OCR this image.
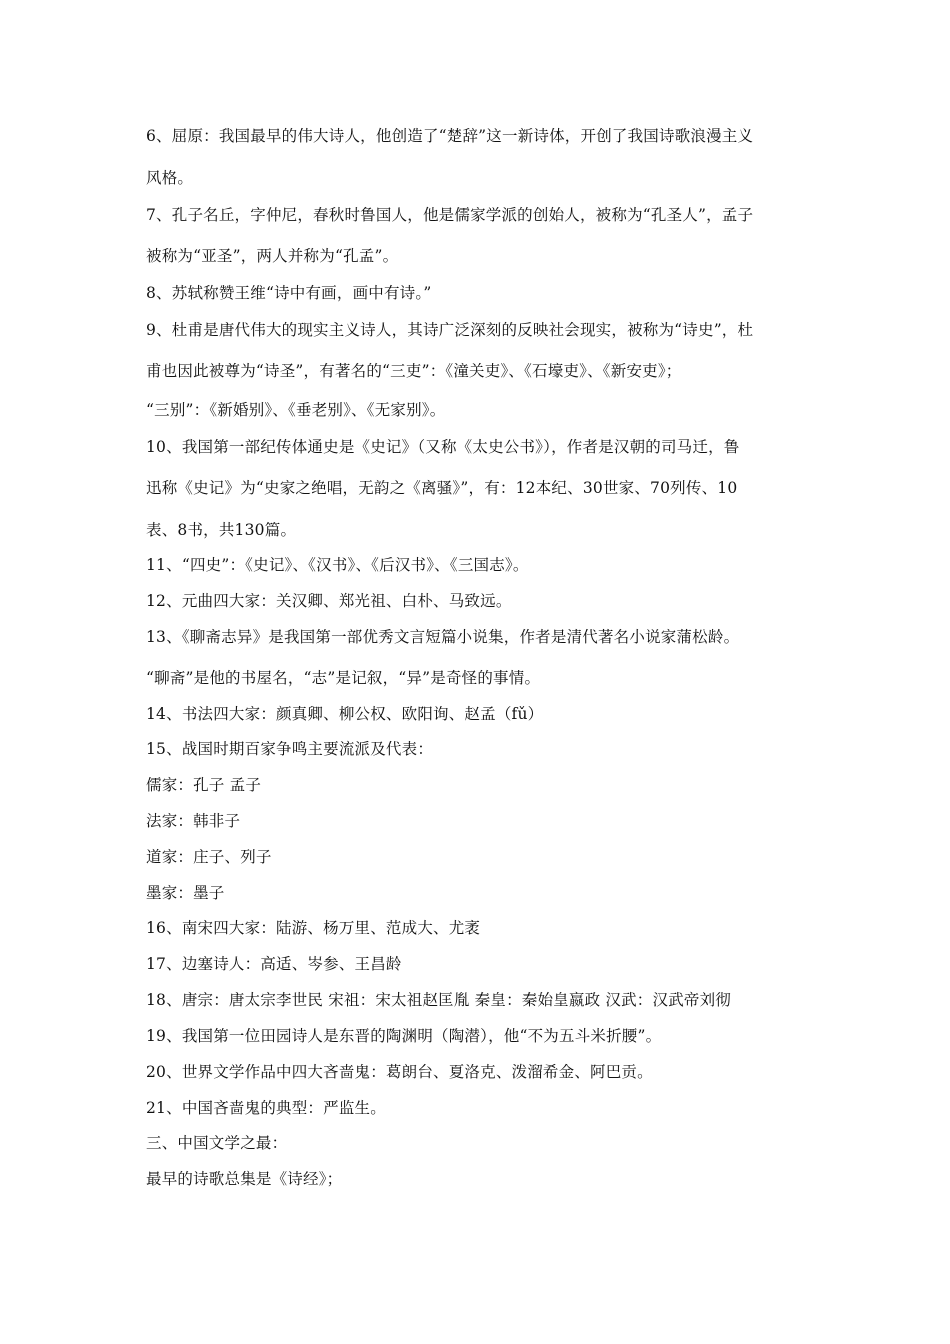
6、屈原：我国最早的伟大诗人，他创造了“楚辞”这一新诗体，开创了我国诗歌浪漫主义
风格。
7、孔子名丘，字仲尼，春秋时鲁国人，他是儒家学派的创始人，被称为“孔圣人”，孟子
被称为“亚圣”，两人并称为“孔孟”。
8、苏轼称赞王维“诗中有画，画中有诗。”
9、杜甫是唐代伟大的现实主义诗人，其诗广泛深刻的反映社会现实，被称为“诗史”，杜
甫也因此被尊为“诗圣”，有著名的“三吏”：《潼关吏》、《石壕吏》、《新安吏》；
“三别”：《新婚别》、《垂老别》、《无家别》。
10、我国第一部纪传体通史是《史记》（又称《太史公书》），作者是汉朝的司马迁，鲁
迅称《史记》为“史家之绝唱，无韵之《离骚》”，有：12本纪、30世家、70列传、10
表、8书，共130篇。
11、“四史”：《史记》、《汉书》、《后汉书》、《三国志》。
12、元曲四大家：关汉卿、郑光祖、白朴、马致远。
13、《聊斋志异》是我国第一部优秀文言短篇小说集，作者是清代著名小说家蒲松龄。
“聊斋”是他的书屋名，“志”是记叙，“异”是奇怪的事情。
14、书法四大家：颜真卿、柳公权、欧阳询、赵孟（fǔ）
15、战国时期百家争鸣主要流派及代表：
儒家：孔子 孟子
法家：韩非子
道家：庄子、列子
墨家：墨子
16、南宋四大家：陆游、杨万里、范成大、尤袤
17、边塞诗人：高适、岑参、王昌龄
18、唐宗：唐太宗李世民 宋祖：宋太祖赵匡胤 秦皇：秦始皇嬴政 汉武：汉武帝刘彻
19、我国第一位田园诗人是东晋的陶渊明（陶潜），他“不为五斗米折腰”。
20、世界文学作品中四大吝啬鬼：葛朗台、夏洛克、泼溜希金、阿巴贡。
21、中国吝啬鬼的典型：严监生。
三、中国文学之最：
最早的诗歌总集是《诗经》；
